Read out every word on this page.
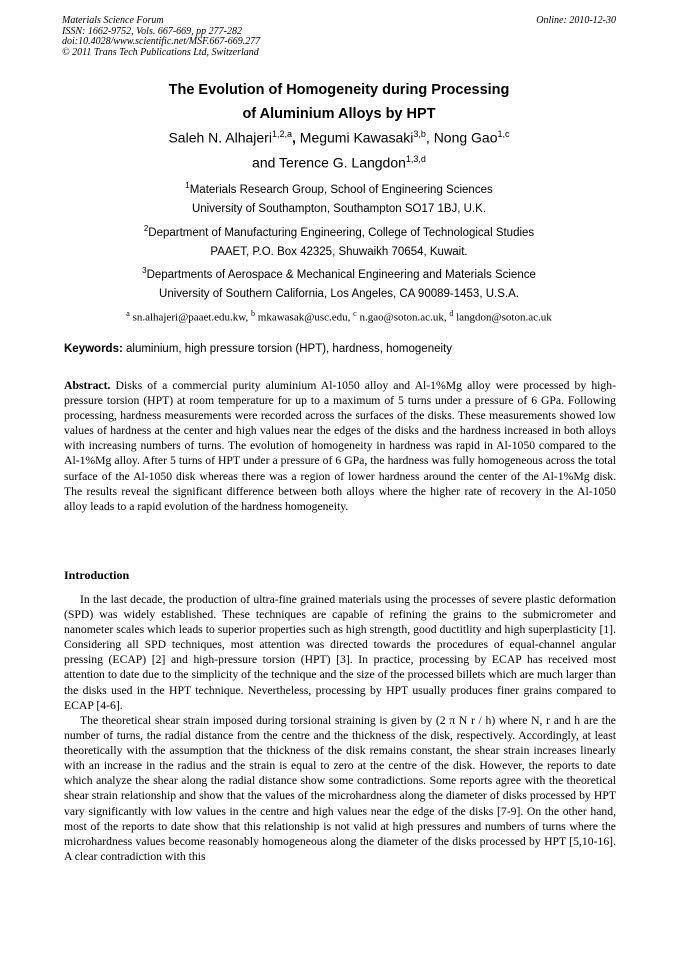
Materials Science Forum
ISSN: 1662-9752, Vols. 667-669, pp 277-282
doi:10.4028/www.scientific.net/MSF.667-669.277
© 2011 Trans Tech Publications Ltd, Switzerland
Online: 2010-12-30
The Evolution of Homogeneity during Processing
of Aluminium Alloys by HPT
Saleh N. Alhajeri$^{1,2,a}$, Megumi Kawasaki$^{3,b}$, Nong Gao$^{1,c}$
and Terence G. Langdon$^{1,3,d}$
$^1$Materials Research Group, School of Engineering Sciences
University of Southampton, Southampton SO17 1BJ, U.K.
$^2$Department of Manufacturing Engineering, College of Technological Studies
PAAET, P.O. Box 42325, Shuwaikh 70654, Kuwait.
$^3$Departments of Aerospace & Mechanical Engineering and Materials Science
University of Southern California, Los Angeles, CA 90089-1453, U.S.A.
$^a$ sn.alhajeri@paaet.edu.kw, $^b$ mkawasak@usc.edu, $^c$ n.gao@soton.ac.uk, $^d$ langdon@soton.ac.uk
Keywords: aluminium, high pressure torsion (HPT), hardness, homogeneity
Abstract. Disks of a commercial purity aluminium Al-1050 alloy and Al-1%Mg alloy were processed by high-pressure torsion (HPT) at room temperature for up to a maximum of 5 turns under a pressure of 6 GPa. Following processing, hardness measurements were recorded across the surfaces of the disks. These measurements showed low values of hardness at the center and high values near the edges of the disks and the hardness increased in both alloys with increasing numbers of turns. The evolution of homogeneity in hardness was rapid in Al-1050 compared to the Al-1%Mg alloy. After 5 turns of HPT under a pressure of 6 GPa, the hardness was fully homogeneous across the total surface of the Al-1050 disk whereas there was a region of lower hardness around the center of the Al-1%Mg disk. The results reveal the significant difference between both alloys where the higher rate of recovery in the Al-1050 alloy leads to a rapid evolution of the hardness homogeneity.
Introduction
In the last decade, the production of ultra-fine grained materials using the processes of severe plastic deformation (SPD) was widely established. These techniques are capable of refining the grains to the submicrometer and nanometer scales which leads to superior properties such as high strength, good ductitlity and high superplasticity [1]. Considering all SPD techniques, most attention was directed towards the procedures of equal-channel angular pressing (ECAP) [2] and high-pressure torsion (HPT) [3]. In practice, processing by ECAP has received most attention to date due to the simplicity of the technique and the size of the processed billets which are much larger than the disks used in the HPT technique. Nevertheless, processing by HPT usually produces finer grains compared to ECAP [4-6].
The theoretical shear strain imposed during torsional straining is given by (2 π N r / h) where N, r and h are the number of turns, the radial distance from the centre and the thickness of the disk, respectively. Accordingly, at least theoretically with the assumption that the thickness of the disk remains constant, the shear strain increases linearly with an increase in the radius and the strain is equal to zero at the centre of the disk. However, the reports to date which analyze the shear along the radial distance show some contradictions. Some reports agree with the theoretical shear strain relationship and show that the values of the microhardness along the diameter of disks processed by HPT vary significantly with low values in the centre and high values near the edge of the disks [7-9]. On the other hand, most of the reports to date show that this relationship is not valid at high pressures and numbers of turns where the microhardness values become reasonably homogeneous along the diameter of the disks processed by HPT [5,10-16]. A clear contradiction with this
